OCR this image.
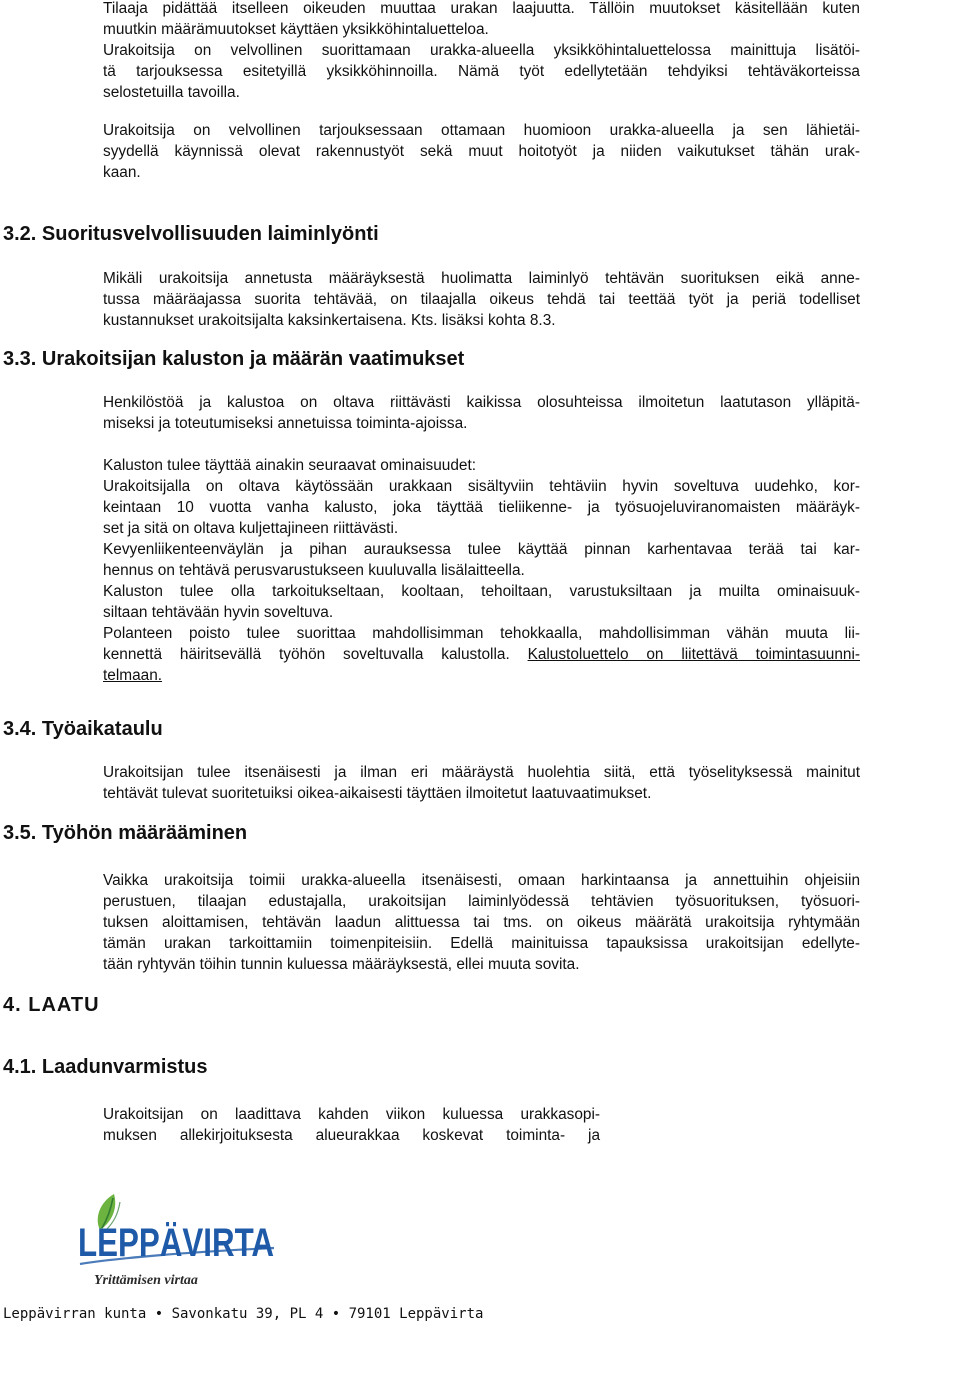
Tilaaja pidättää itselleen oikeuden muuttaa urakan laajuutta. Tällöin muutokset käsitellään kuten
muutkin määrämuutokset käyttäen yksikköhintaluetteloa.
Urakoitsija on velvollinen suorittamaan urakka-alueella yksikköhintaluettelossa mainittuja lisätöi-
tä tarjouksessa esitetyillä yksikköhinnoilla. Nämä työt edellytetään tehdyiksi tehtäväkorteissa
selostetuilla tavoilla.
Urakoitsija on velvollinen tarjouksessaan ottamaan huomioon urakka-alueella ja sen lähietäi-
syydellä käynnissä olevat rakennustyöt sekä muut hoitotyöt ja niiden vaikutukset tähän urak-
kaan.
3.2. Suoritusvelvollisuuden laiminlyönti
Mikäli urakoitsija annetusta määräyksestä huolimatta laiminlyö tehtävän suorituksen eikä anne-
tussa määräajassa suorita tehtävää, on tilaajalla oikeus tehdä tai teettää työt ja periä todelliset
kustannukset urakoitsijalta kaksinkertaisena. Kts. lisäksi kohta 8.3.
3.3. Urakoitsijan kaluston ja määrän vaatimukset
Henkilöstöä ja kalustoa on oltava riittävästi kaikissa olosuhteissa ilmoitetun laatutason ylläpitä-
miseksi ja toteutumiseksi annetuissa toiminta-ajoissa.
Kaluston tulee täyttää ainakin seuraavat ominaisuudet:
Urakoitsijalla on oltava käytössään urakkaan sisältyviin tehtäviin hyvin soveltuva uudehko, kor-
keintaan 10 vuotta vanha kalusto, joka täyttää tieliikenne- ja työsuojeluviranomaisten määräyk-
set ja sitä on oltava kuljettajineen riittävästi.
Kevyenliikenteenväylän ja pihan aurauksessa tulee käyttää pinnan karhentavaa terää tai kar-
hennus on tehtävä perusvarustukseen kuuluvalla lisälaitteella.
Kaluston tulee olla tarkoitukseltaan, kooltaan, tehoiltaan, varustuksiltaan ja muilta ominaisuuk-
siltaan tehtävään hyvin soveltuva.
Polanteen poisto tulee suorittaa mahdollisimman tehokkaalla, mahdollisimman vähän muuta lii-
kennettä häiritsevällä työhön soveltuvalla kalustolla. Kalustoluettelo on liitettävä toimintasuunni-
telmaan.
3.4. Työaikataulu
Urakoitsijan tulee itsenäisesti ja ilman eri määräystä huolehtia siitä, että työselityksessä mainitut
tehtävät tulevat suoritetuiksi oikea-aikaisesti täyttäen ilmoitetut laatuvaatimukset.
3.5. Työhön määrääminen
Vaikka urakoitsija toimii urakka-alueella itsenäisesti, omaan harkintaansa ja annettuihin ohjeisiin
perustuen, tilaajan edustajalla, urakoitsijan laiminlyödessä tehtävien työsuorituksen, työsuori-
tuksen aloittamisen, tehtävän laadun alittuessa tai tms. on oikeus määrätä urakoitsija ryhtymään
tämän urakan tarkoittamiin toimenpiteisiin. Edellä mainituissa tapauksissa urakoitsijan edellyte-
tään ryhtyvän töihin tunnin kuluessa määräyksestä, ellei muuta sovita.
4. LAATU
4.1. Laadunvarmistus
Urakoitsijan on laadittava kahden viikon kuluessa urakkasopi-
muksen allekirjoituksesta alueurakkaa koskevat toiminta- ja
LEPPÄVIRTA
Yrittämisen virtaa

Leppävirran kunta • Savonkatu 39, PL 4 • 79101 Leppävirta
